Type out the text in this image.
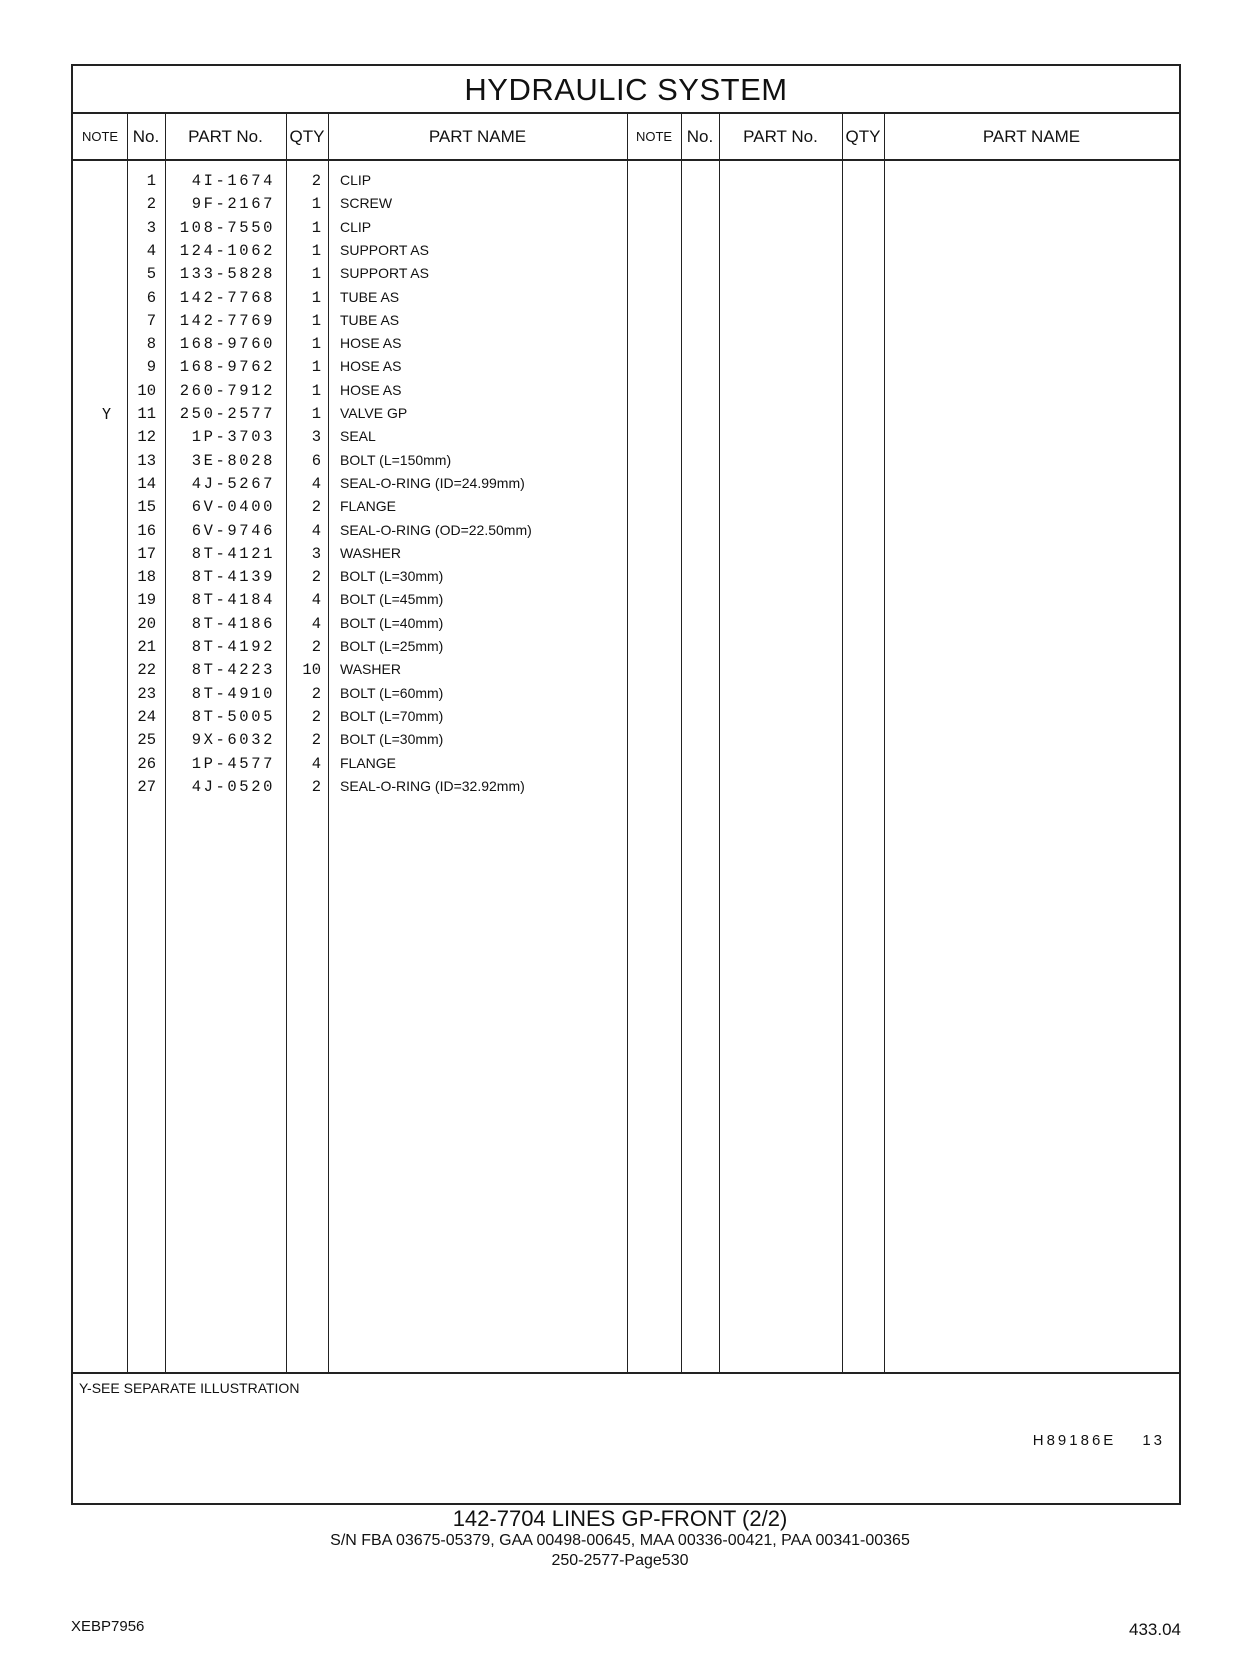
HYDRAULIC SYSTEM
NOTE No.	PART No.	QTY	PART NAME	NOTE No.	PART No.	QTY	PART NAME
1	4I-1674	2	CLIP
2	9F-2167	1	SCREW
3	108-7550	1	CLIP
4	124-1062	1	SUPPORT AS
5	133-5828	1	SUPPORT AS
6	142-7768	1	TUBE AS
7	142-7769	1	TUBE AS
8	168-9760	1	HOSE AS
9	168-9762	1	HOSE AS
10	260-7912	1	HOSE AS
Y	11	250-2577	1	VALVE GP
12	1P-3703	3	SEAL
13	3E-8028	6	BOLT (L=150mm)
14	4J-5267	4	SEAL-O-RING (ID=24.99mm)
15	6V-0400	2	FLANGE
16	6V-9746	4	SEAL-O-RING (OD=22.50mm)
17	8T-4121	3	WASHER
18	8T-4139	2	BOLT (L=30mm)
19	8T-4184	4	BOLT (L=45mm)
20	8T-4186	4	BOLT (L=40mm)
21	8T-4192	2	BOLT (L=25mm)
22	8T-4223	10	WASHER
23	8T-4910	2	BOLT (L=60mm)
24	8T-5005	2	BOLT (L=70mm)
25	9X-6032	2	BOLT (L=30mm)
26	1P-4577	4	FLANGE
27	4J-0520	2	SEAL-O-RING (ID=32.92mm)
Y-SEE SEPARATE ILLUSTRATION
H89186E 13
142-7704 LINES GP-FRONT (2/2)
S/N FBA 03675-05379, GAA 00498-00645, MAA 00336-00421, PAA 00341-00365
250-2577-Page530
XEBP7956	433.04
